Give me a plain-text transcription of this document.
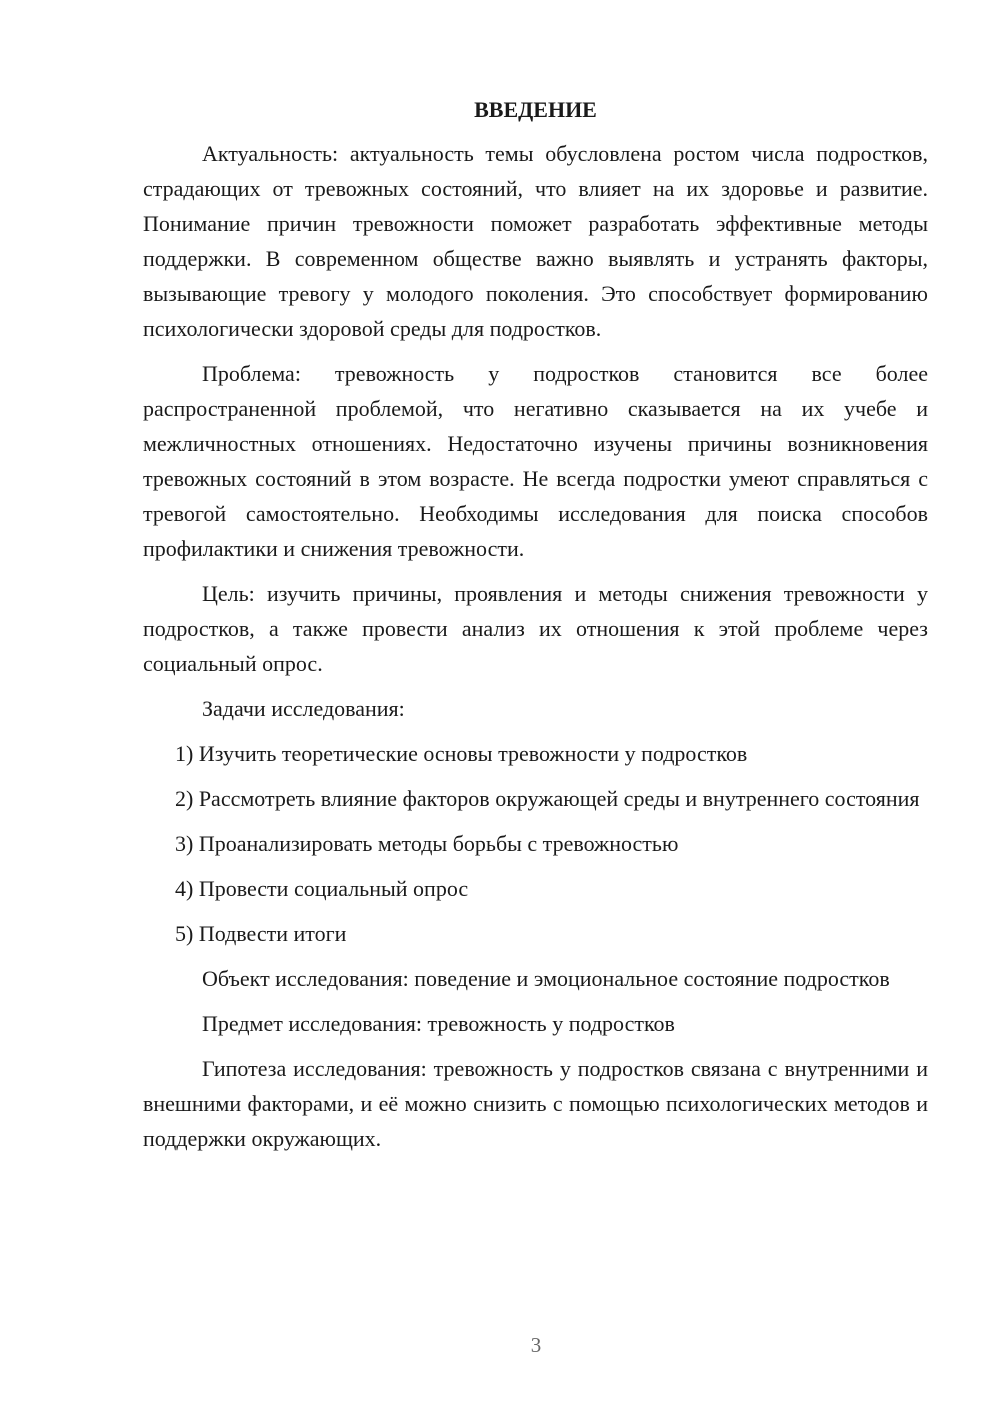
ВВЕДЕНИЕ

Актуальность: актуальность темы обусловлена ростом числа подростков, страдающих от тревожных состояний, что влияет на их здоровье и развитие. Понимание причин тревожности поможет разработать эффективные методы поддержки. В современном обществе важно выявлять и устранять факторы, вызывающие тревогу у молодого поколения. Это способствует формированию психологически здоровой среды для подростков.

Проблема: тревожность у подростков становится все более распространенной проблемой, что негативно сказывается на их учебе и межличностных отношениях. Недостаточно изучены причины возникновения тревожных состояний в этом возрасте. Не всегда подростки умеют справляться с тревогой самостоятельно. Необходимы исследования для поиска способов профилактики и снижения тревожности.

Цель: изучить причины, проявления и методы снижения тревожности у подростков, а также провести анализ их отношения к этой проблеме через социальный опрос.

Задачи исследования:

1) Изучить теоретические основы тревожности у подростков

2) Рассмотреть влияние факторов окружающей среды и внутреннего состояния

3) Проанализировать методы борьбы с тревожностью

4) Провести социальный опрос

5) Подвести итоги

Объект исследования: поведение и эмоциональное состояние подростков

Предмет исследования: тревожность у подростков

Гипотеза исследования: тревожность у подростков связана с внутренними и внешними факторами, и её можно снизить с помощью психологических методов и поддержки окружающих.

3
